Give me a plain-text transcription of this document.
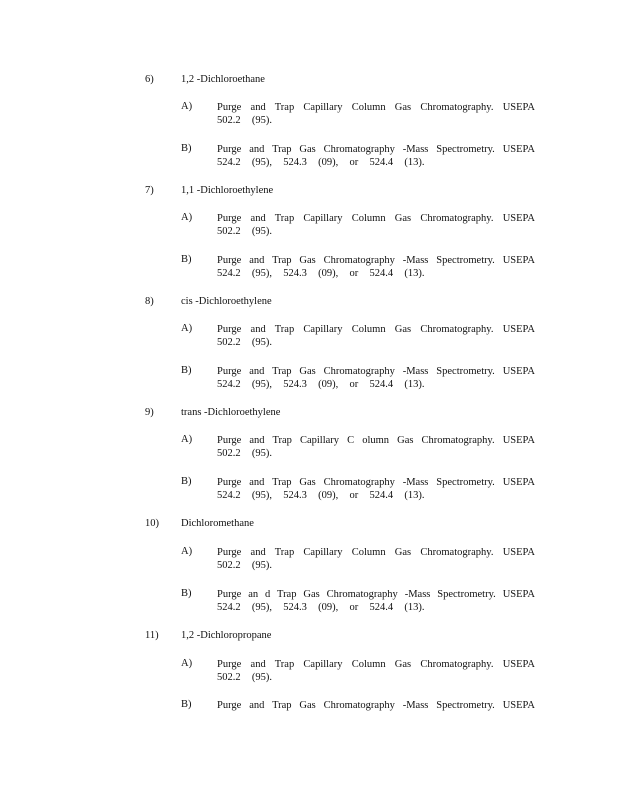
6)	1,2 -Dichloroethane
A) Purge and Trap Capillary Column Gas Chromatography. USEPA
502.2  (95).
B) Purge and Trap Gas Chromatography -Mass Spectrometry. USEPA
524.2  (95),  524.3  (09),  or  524.4  (13).
7)	1,1 -Dichloroethylene
A) Purge and Trap Capillary Column Gas Chromatography. USEPA
502.2  (95).
B) Purge and Trap Gas Chromatography -Mass Spectrometry. USEPA
524.2  (95),  524.3  (09),  or  524.4  (13).
8)	cis -Dichloroethylene
A) Purge and Trap Capillary Column Gas Chromatography. USEPA
502.2  (95).
B) Purge and Trap Gas Chromatography -Mass Spectrometry. USEPA
524.2  (95),  524.3  (09),  or  524.4  (13).
9)	trans -Dichloroethylene
A) Purge and Trap Capillary C olumn Gas Chromatography. USEPA
502.2  (95).
B) Purge and Trap Gas Chromatography -Mass Spectrometry. USEPA
524.2  (95),  524.3  (09),  or  524.4  (13).
10) Dichloromethane
A) Purge and Trap Capillary Column Gas Chromatography. USEPA
502.2  (95).
B) Purge an d Trap Gas Chromatography -Mass Spectrometry. USEPA
524.2  (95),  524.3  (09),  or  524.4  (13).
11) 1,2 -Dichloropropane
A) Purge and Trap Capillary Column Gas Chromatography. USEPA
502.2  (95).
B) Purge and Trap Gas Chromatography -Mass Spectrometry. USEPA
